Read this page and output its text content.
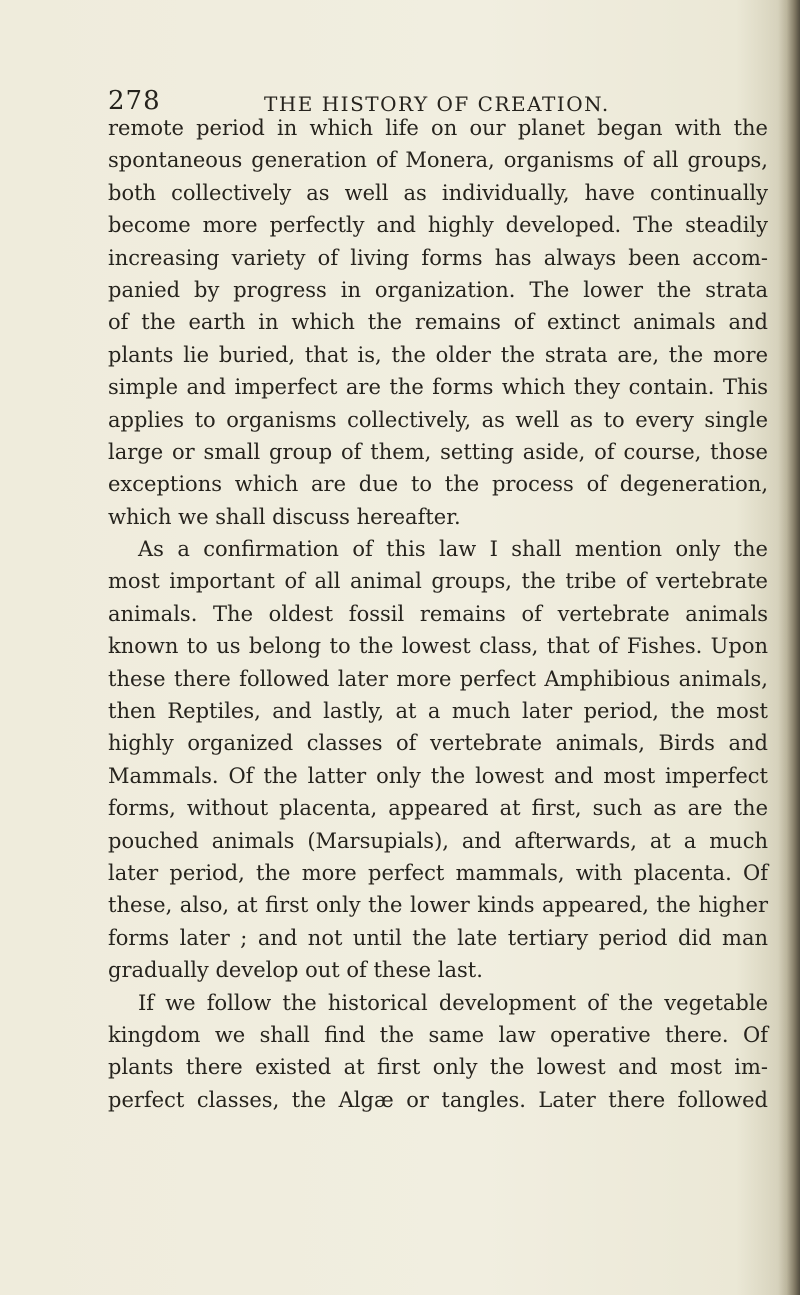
278	THE HISTORY OF CREATION.
remote period in which life on our planet began with the
spontaneous generation of Monera, organisms of all groups,
both collectively as well as individually, have continually
become more perfectly and highly developed. The steadily
increasing variety of living forms has always been accom-
panied by progress in organization. The lower the strata
of the earth in which the remains of extinct animals and
plants lie buried, that is, the older the strata are, the more
simple and imperfect are the forms which they contain. This
applies to organisms collectively, as well as to every single
large or small group of them, setting aside, of course, those
exceptions which are due to the process of degeneration,
which we shall discuss hereafter.
As a confirmation of this law I shall mention only the
most important of all animal groups, the tribe of vertebrate
animals. The oldest fossil remains of vertebrate animals
known to us belong to the lowest class, that of Fishes. Upon
these there followed later more perfect Amphibious animals,
then Reptiles, and lastly, at a much later period, the most
highly organized classes of vertebrate animals, Birds and
Mammals. Of the latter only the lowest and most imperfect
forms, without placenta, appeared at first, such as are the
pouched animals (Marsupials), and afterwards, at a much
later period, the more perfect mammals, with placenta. Of
these, also, at first only the lower kinds appeared, the higher
forms later ; and not until the late tertiary period did man
gradually develop out of these last.
If we follow the historical development of the vegetable
kingdom we shall find the same law operative there. Of
plants there existed at first only the lowest and most im-
perfect classes, the Algæ or tangles. Later there followed
